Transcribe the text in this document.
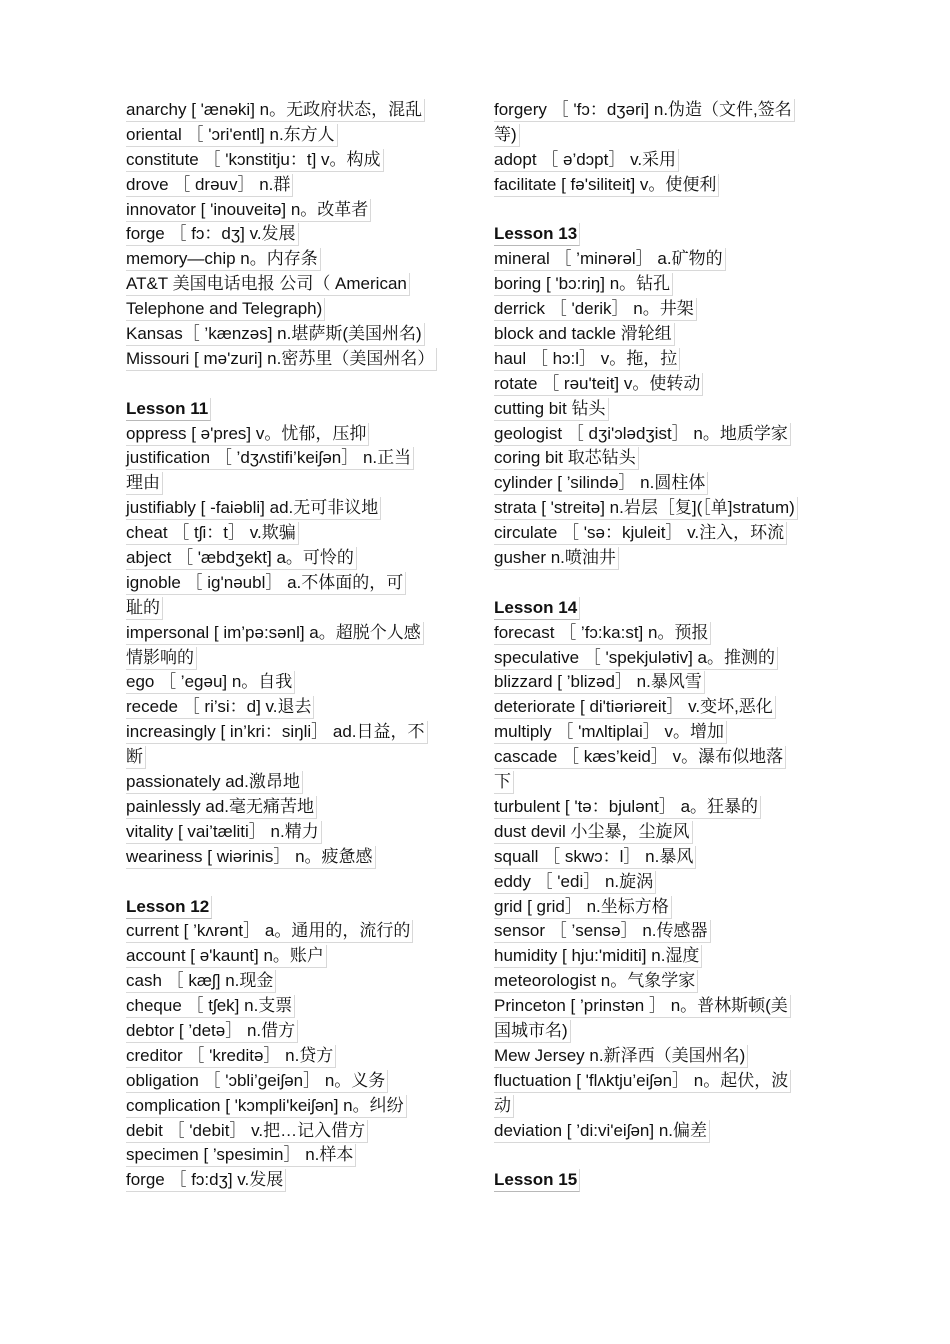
anarchy [ 'ænəki] n。无政府状态，混乱
oriental ［ 'ɔri'entl] n.东方人
constitute ［ 'kɔnstitju：t] v。构成
drove ［ drəuv］ n.群
innovator [ 'inouveitə] n。改革者
forge ［ fɔ：dʒ] v.发展
memory—chip n。内存条
AT&T 美国电话电报 公司（ American
Telephone and Telegraph)
Kansas［ ’kænzəs] n.堪萨斯(美国州名)
Missouri [ mə'zuri] n.密苏里（美国州名）
Lesson 11
oppress [ ə'pres] v。忧郁，压抑
justification ［ ’dʒʌstifi’keiʃən］ n.正当
理由
justifiably [ -faiəbli] ad.无可非议地
cheat ［ tʃi：t］ v.欺骗
abject ［ 'æbdʒekt] a。可怜的
ignoble ［ ig'nəubl］ a.不体面的，可
耻的
impersonal [ im’pə:sənl] a。超脱个人感
情影响的
ego ［ ’egəu] n。自我
recede ［ ri’si：d] v.退去
increasingly [ in’kri：siŋli］ ad.日益，不
断
passionately ad.激昂地
painlessly ad.毫无痛苦地
vitality [ vai’tæliti］ n.精力
weariness [ wiərinis］ n。疲惫感
Lesson 12
current [ ’kʌrənt］ a。通用的，流行的
account [ ə'kaunt] n。账户
cash ［ kæʃ] n.现金
cheque ［ tʃek] n.支票
debtor [ ’detə］ n.借方
creditor ［ 'kreditə］ n.贷方
obligation ［ 'ɔbli’geiʃən］ n。义务
complication [ 'kɔmpli'keiʃən] n。纠纷
debit ［ 'debit］ v.把…记入借方
specimen [ ’spesimin］ n.样本
forge ［ fɔ:dʒ] v.发展
forgery ［ 'fɔ：dʒəri] n.伪造（文件,签名
等)
adopt ［ ə’dɔpt］ v.采用
facilitate [ fə'siliteit] v。使便利
Lesson 13
mineral ［ ’minərəl］ a.矿物的
boring [ 'bɔ:riŋ] n。钻孔
derrick ［ 'derik］ n。井架
block and tackle 滑轮组
haul ［ hɔ:l］ v。拖，拉
rotate ［ rəu'teit] v。使转动
cutting bit 钻头
geologist ［ dʒi'ɔlədʒist］ n。地质学家
coring bit 取芯钻头
cylinder [ ’silində］ n.圆柱体
strata [ 'streitə] n.岩层［复](［单]stratum)
circulate ［ 'sə：kjuleit］ v.注入，环流
gusher n.喷油井
Lesson 14
forecast ［ ’fɔ:ka:st] n。预报
speculative ［ 'spekjulətiv] a。推测的
blizzard [ ’blizəd］ n.暴风雪
deteriorate [ di'tiəriəreit］ v.变坏,恶化
multiply ［ 'mʌltiplai］ v。增加
cascade ［ kæs’keid］ v。瀑布似地落
下
turbulent [ 'tə：bjulənt］ a。狂暴的
dust devil 小尘暴，尘旋风
squall ［ skwɔ：l］ n.暴风
eddy ［ 'edi］ n.旋涡
grid [ grid］ n.坐标方格
sensor ［ ’sensə］ n.传感器
humidity [ hju:'miditi] n.湿度
meteorologist n。气象学家
Princeton [ ’prinstən ］ n。普林斯顿(美
国城市名)
Mew Jersey n.新泽西（美国州名)
fluctuation [ 'flʌktju’eiʃən］ n。起伏，波
动
deviation [ ’di:vi'eiʃən] n.偏差
Lesson 15
